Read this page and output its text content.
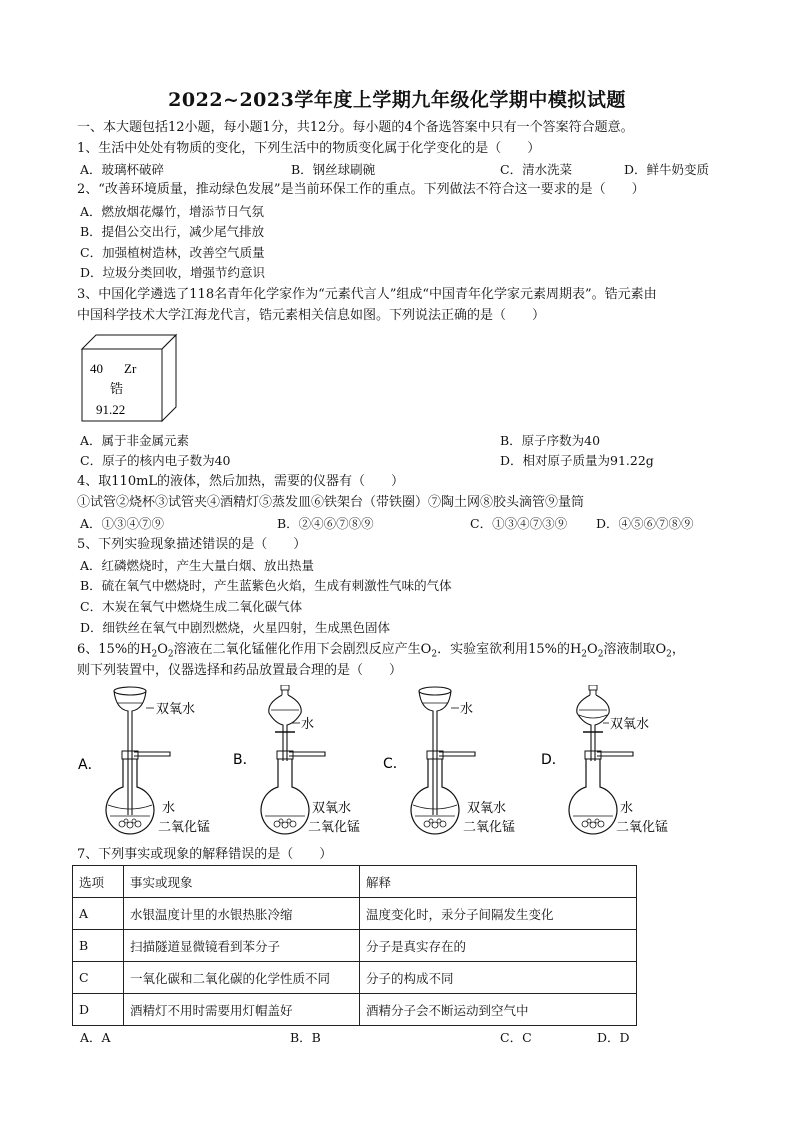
2022~2023学年度上学期九年级化学期中模拟试题
一、本大题包括12小题，每小题1分，共12分。每小题的4个备选答案中只有一个答案符合题意。
1、生活中处处有物质的变化，下列生活中的物质变化属于化学变化的是（　　）
A．玻璃杯破碎	B．钢丝球刷碗	C．清水洗菜	D．鲜牛奶变质
2、“改善环境质量，推动绿色发展”是当前环保工作的重点。下列做法不符合这一要求的是（　　）
A．燃放烟花爆竹，增添节日气氛
B．提倡公交出行，减少尾气排放
C．加强植树造林，改善空气质量
D．垃圾分类回收，增强节约意识
3、中国化学遴选了118名青年化学家作为“元素代言人”组成“中国青年化学家元素周期表”。锆元素由
中国科学技术大学江海龙代言，锆元素相关信息如图。下列说法正确的是（　　）
40 Zr
锆
91.22
A．属于非金属元素	B．原子序数为40
C．原子的核内电子数为40	D．相对原子质量为91.22g
4、取110mL的液体，然后加热，需要的仪器有（　　）
①试管②烧杯③试管夹④酒精灯⑤蒸发皿⑥铁架台（带铁圈）⑦陶土网⑧胶头滴管⑨量筒
A．①③④⑦⑨	B．②④⑥⑦⑧⑨	C．①③④⑦③⑨ D．④⑤⑥⑦⑧⑨
5、下列实验现象描述错误的是（　　）
A．红磷燃烧时，产生大量白烟、放出热量
B．硫在氧气中燃烧时，产生蓝紫色火焰，生成有刺激性气味的气体
C．木炭在氧气中燃烧生成二氧化碳气体
D．细铁丝在氧气中剧烈燃烧，火星四射，生成黑色固体
6、15%的$H_2O_2$溶液在二氧化锰催化作用下会剧烈反应产生$O_2$．实验室欲利用15%的$H_2O_2$溶液制取$O_2$，
则下列装置中，仪器选择和药品放置最合理的是（　　）
A．
双氧水
水
二氧化锰
B．
水
双氧水
二氧化锰
C．
水
双氧水
二氧化锰
D．
双氧水
水
二氧化锰
7、下列事实或现象的解释错误的是（　　）
选项	事实或现象	解释
A	水银温度计里的水银热胀冷缩	温度变化时，汞分子间隔发生变化
B	扫描隧道显微镜看到苯分子	分子是真实存在的
C	一氧化碳和二氧化碳的化学性质不同	分子的构成不同
D	酒精灯不用时需要用灯帽盖好	酒精分子会不断运动到空气中
A．A	B．B	C．C	D．D
